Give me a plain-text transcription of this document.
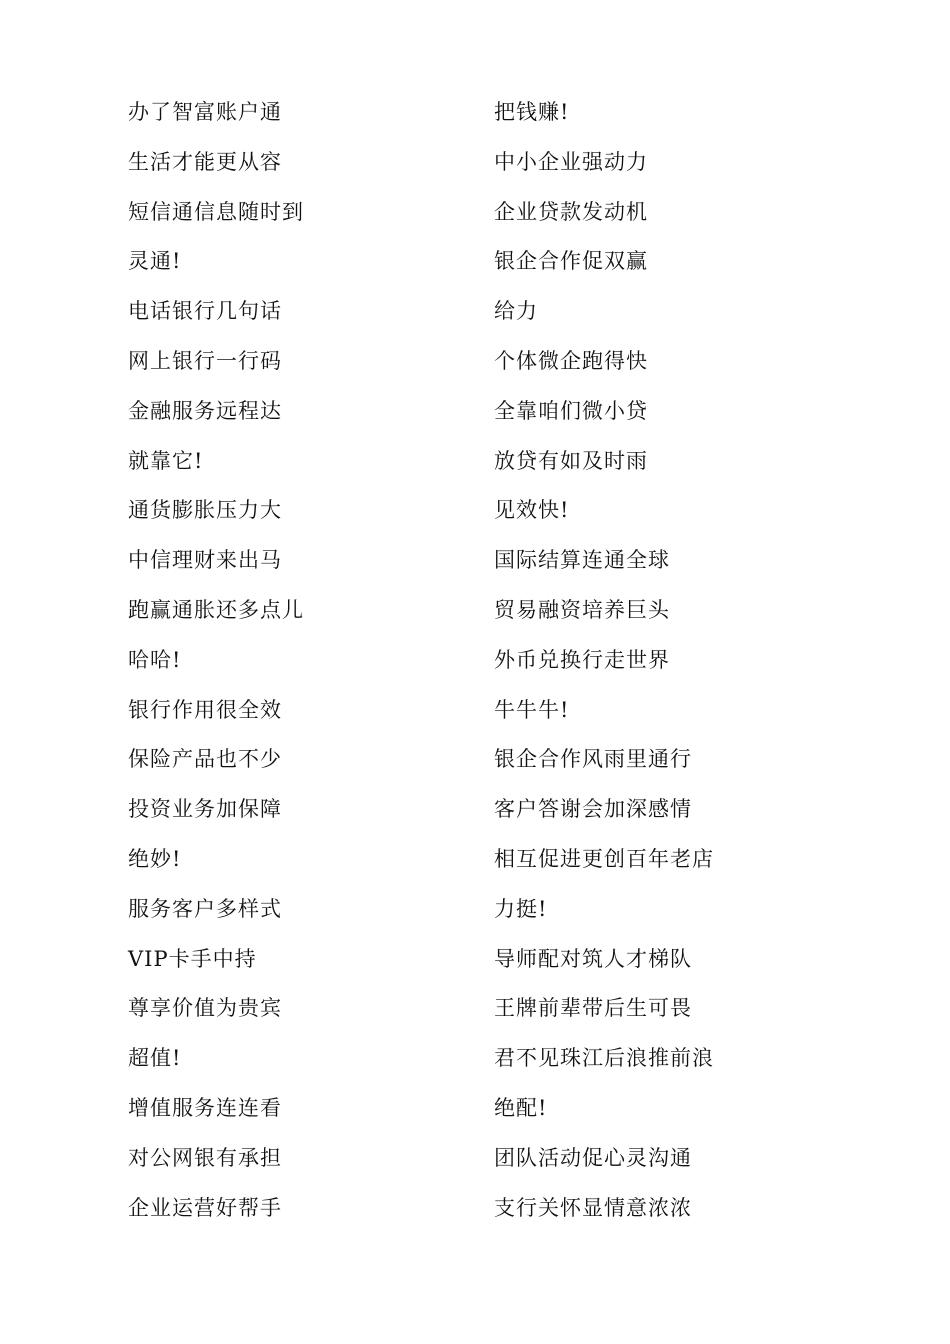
办了智富账户通
生活才能更从容
短信通信息随时到
灵通!
电话银行几句话
网上银行一行码
金融服务远程达
就靠它!
通货膨胀压力大
中信理财来出马
跑赢通胀还多点儿
哈哈!
银行作用很全效
保险产品也不少
投资业务加保障
绝妙!
服务客户多样式
VIP卡手中持
尊享价值为贵宾
超值!
增值服务连连看
对公网银有承担
企业运营好帮手
把钱赚!
中小企业强动力
企业贷款发动机
银企合作促双赢
给力
个体微企跑得快
全靠咱们微小贷
放贷有如及时雨
见效快!
国际结算连通全球
贸易融资培养巨头
外币兑换行走世界
牛牛牛!
银企合作风雨里通行
客户答谢会加深感情
相互促进更创百年老店
力挺!
导师配对筑人才梯队
王牌前辈带后生可畏
君不见珠江后浪推前浪
绝配!
团队活动促心灵沟通
支行关怀显情意浓浓
